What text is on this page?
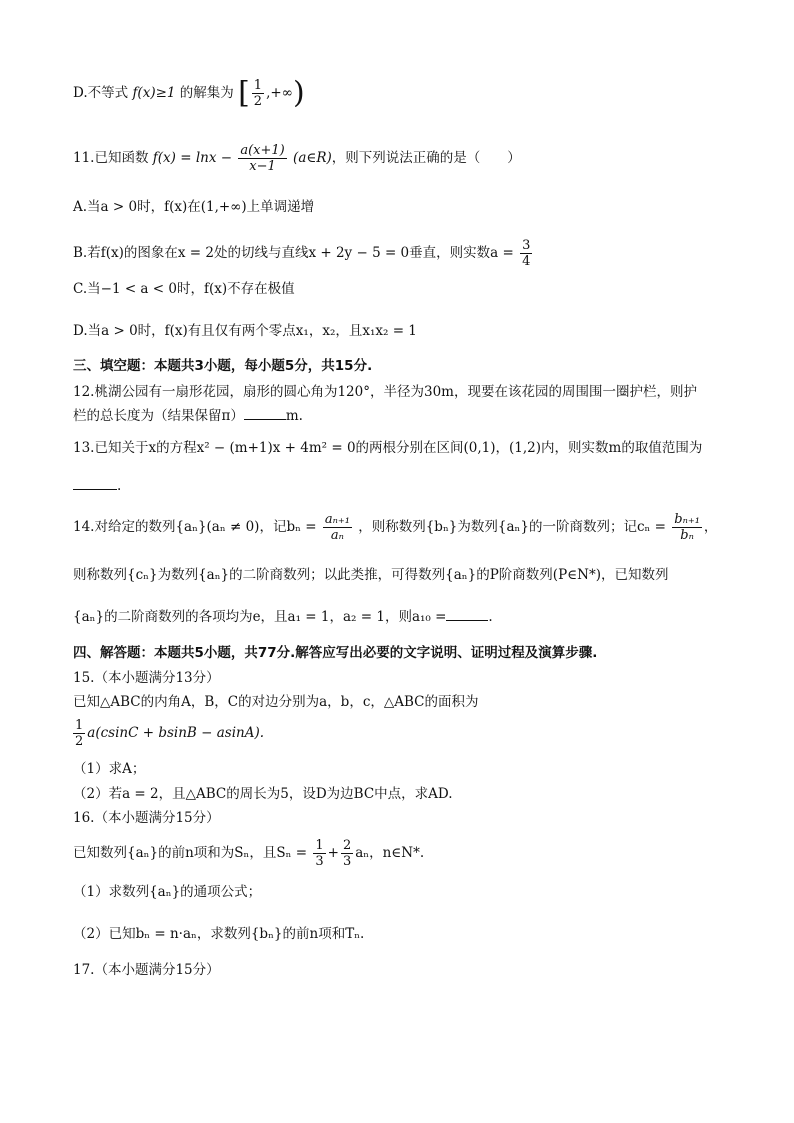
D.不等式 f(x)≥1 的解集为 [ $\frac{1}{2}$ ,+∞)
11.已知函数 $f(x) = \ln x - \frac{a(x+1)}{x-1}$ (a∈R)，则下列说法正确的是（　　）
A.当a > 0时，f(x)在(1,+∞)上单调递增
B.若f(x)的图象在x = 2处的切线与直线x + 2y − 5 = 0垂直，则实数$a = \frac{3}{4}$
C.当−1 < a < 0时，f(x)不存在极值
D.当a > 0时，f(x)有且仅有两个零点x₁，x₂，且x₁x₂ = 1
三、填空题：本题共3小题，每小题5分，共15分.
12.桃湖公园有一扇形花园，扇形的圆心角为120°，半径为30m，现要在该花园的周围围一圈护栏，则护
栏的总长度为（结果保留π）	m.
13.已知关于x的方程x² − (m+1)x + 4m² = 0的两根分别在区间(0,1)，(1,2)内，则实数m的取值范围为
.
14.对给定的数列{aₙ}(aₙ ≠ 0)，记$b_n = \frac{\text{aₙ₊₁}}{\text{aₙ}}$ ，则称数列{bₙ}为数列{aₙ}的一阶商数列；记$c_n = \frac{\text{bₙ₊₁}}{\text{bₙ}}$ ，
则称数列{cₙ}为数列{aₙ}的二阶商数列；以此类推，可得数列{aₙ}的P阶商数列(P∈N*)，已知数列
{aₙ}的二阶商数列的各项均为e，且a₁ = 1，a₂ = 1，则a₁₀ =	.
四、解答题：本题共5小题，共77分.解答应写出必要的文字说明、证明过程及演算步骤.
15.（本小题满分13分）
已知△ABC的内角A，B，C的对边分别为a，b，c，△ABC的面积为
$\frac{1}{2} a(csinC + bsinB - asinA)$.
（1）求A；
（2）若a = 2，且△ABC的周长为5，设D为边BC中点，求AD.
16.（本小题满分15分）
已知数列{aₙ}的前n项和为Sₙ，且$S_n = \frac{1}{3} + \frac{2}{3}$ aₙ，n∈N*.
（1）求数列{aₙ}的通项公式；
（2）已知bₙ = n·aₙ，求数列{bₙ}的前n项和Tₙ.
17.（本小题满分15分）
